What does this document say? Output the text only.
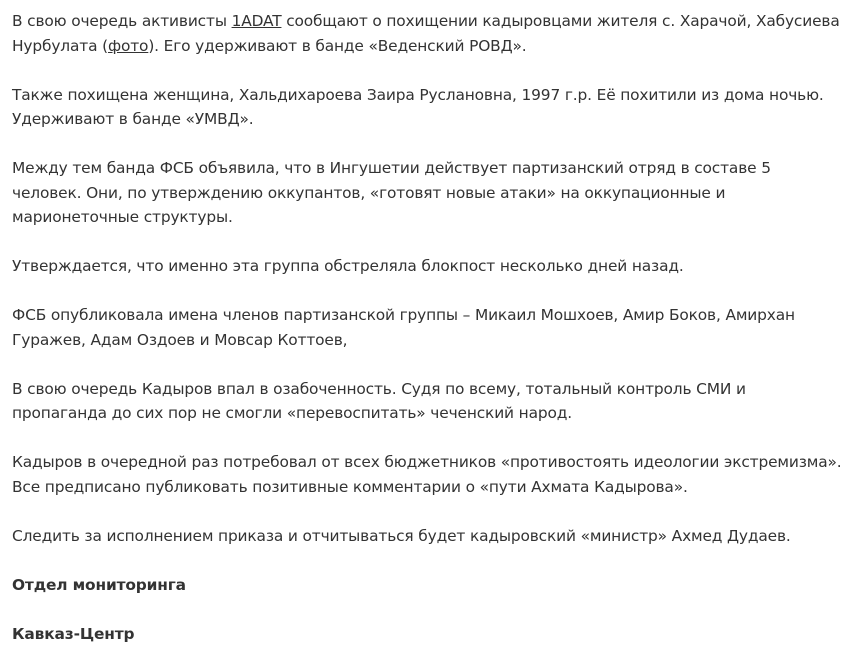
В свою очередь активисты 1ADAT сообщают о похищении кадыровцами жителя с. Харачой, Хабусиева Нурбулата (фото). Его удерживают в банде «Веденский РОВД».

Также похищена женщина, Хальдихароева Заира Руслановна, 1997 г.р. Её похитили из дома ночью. Удерживают в банде «УМВД».

Между тем банда ФСБ объявила, что в Ингушетии действует партизанский отряд в составе 5 человек. Они, по утверждению оккупантов, «готовят новые атаки» на оккупационные и марионеточные структуры.

Утверждается, что именно эта группа обстреляла блокпост несколько дней назад.

ФСБ опубликовала имена членов партизанской группы – Микаил Мошхоев, Амир Боков, Амирхан Гуражев, Адам Оздоев и Мовсар Коттоев,

В свою очередь Кадыров впал в озабоченность. Судя по всему, тотальный контроль СМИ и пропаганда до сих пор не смогли «перевоспитать» чеченский народ.

Кадыров в очередной раз потребовал от всех бюджетников «противостоять идеологии экстремизма». Все предписано публиковать позитивные комментарии о «пути Ахмата Кадырова».

Следить за исполнением приказа и отчитываться будет кадыровский «министр» Ахмед Дудаев.

Отдел мониторинга

Кавказ-Центр
